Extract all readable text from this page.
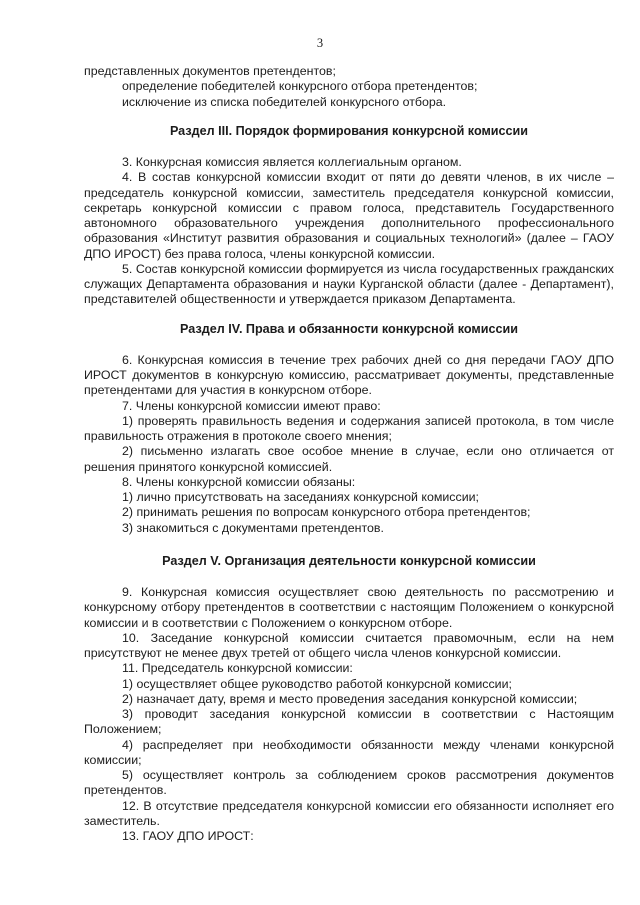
3

представленных документов претендентов;

определение победителей конкурсного отбора претендентов;

исключение из списка победителей конкурсного отбора.

Раздел III. Порядок формирования конкурсной комиссии

3. Конкурсная комиссия является коллегиальным органом.

4. В состав конкурсной комиссии входит от пяти до девяти членов, в их числе – председатель конкурсной комиссии, заместитель председателя конкурсной комиссии, секретарь конкурсной комиссии с правом голоса, представитель Государственного автономного образовательного учреждения дополнительного профессионального образования «Институт развития образования и социальных технологий» (далее – ГАОУ ДПО ИРОСТ) без права голоса, члены конкурсной комиссии.

5. Состав конкурсной комиссии формируется из числа государственных гражданских служащих Департамента образования и науки Курганской области (далее - Департамент), представителей общественности и утверждается приказом Департамента.

Раздел IV. Права и обязанности конкурсной комиссии

6. Конкурсная комиссия в течение трех рабочих дней со дня передачи ГАОУ ДПО ИРОСТ документов в конкурсную комиссию, рассматривает документы, представленные претендентами для участия в конкурсном отборе.

7. Члены конкурсной комиссии имеют право:

1) проверять правильность ведения и содержания записей протокола, в том числе правильность отражения в протоколе своего мнения;

2) письменно излагать свое особое мнение в случае, если оно отличается от решения принятого конкурсной комиссией.

8. Члены конкурсной комиссии обязаны:

1) лично присутствовать на заседаниях конкурсной комиссии;

2) принимать решения по вопросам конкурсного отбора претендентов;

3) знакомиться с документами претендентов.

Раздел V. Организация деятельности конкурсной комиссии

9. Конкурсная комиссия осуществляет свою деятельность по рассмотрению и конкурсному отбору претендентов в соответствии с настоящим Положением о конкурсной комиссии и в соответствии с Положением о конкурсном отборе.

10. Заседание конкурсной комиссии считается правомочным, если на нем присутствуют не менее двух третей от общего числа членов конкурсной комиссии.

11. Председатель конкурсной комиссии:

1) осуществляет общее руководство работой конкурсной комиссии;

2) назначает дату, время и место проведения заседания конкурсной комиссии;

3) проводит заседания конкурсной комиссии в соответствии с Настоящим Положением;

4) распределяет при необходимости обязанности между членами конкурсной комиссии;

5) осуществляет контроль за соблюдением сроков рассмотрения документов претендентов.

12. В отсутствие председателя конкурсной комиссии его обязанности исполняет его заместитель.

13. ГАОУ ДПО ИРОСТ:
